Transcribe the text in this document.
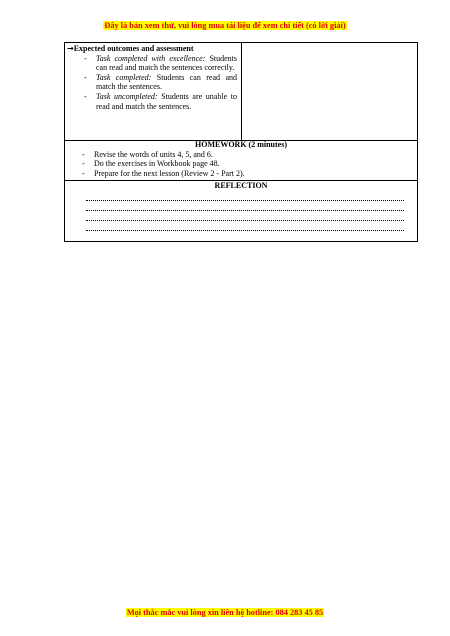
Đây là bản xem thử, vui lòng mua tài liệu để xem chi tiết (có lời giải)
→Expected outcomes and assessment
- Task completed with excellence: Students can read and match the sentences correctly.
- Task completed: Students can read and match the sentences.
- Task uncompleted: Students are unable to read and match the sentences.
HOMEWORK (2 minutes)
- Revise the words of units 4, 5, and 6.
- Do the exercises in Workbook page 48.
- Prepare for the next lesson (Review 2 - Part 2).
REFLECTION
Mọi thắc mắc vui lòng xin liên hệ hotline: 084 283 45 85
